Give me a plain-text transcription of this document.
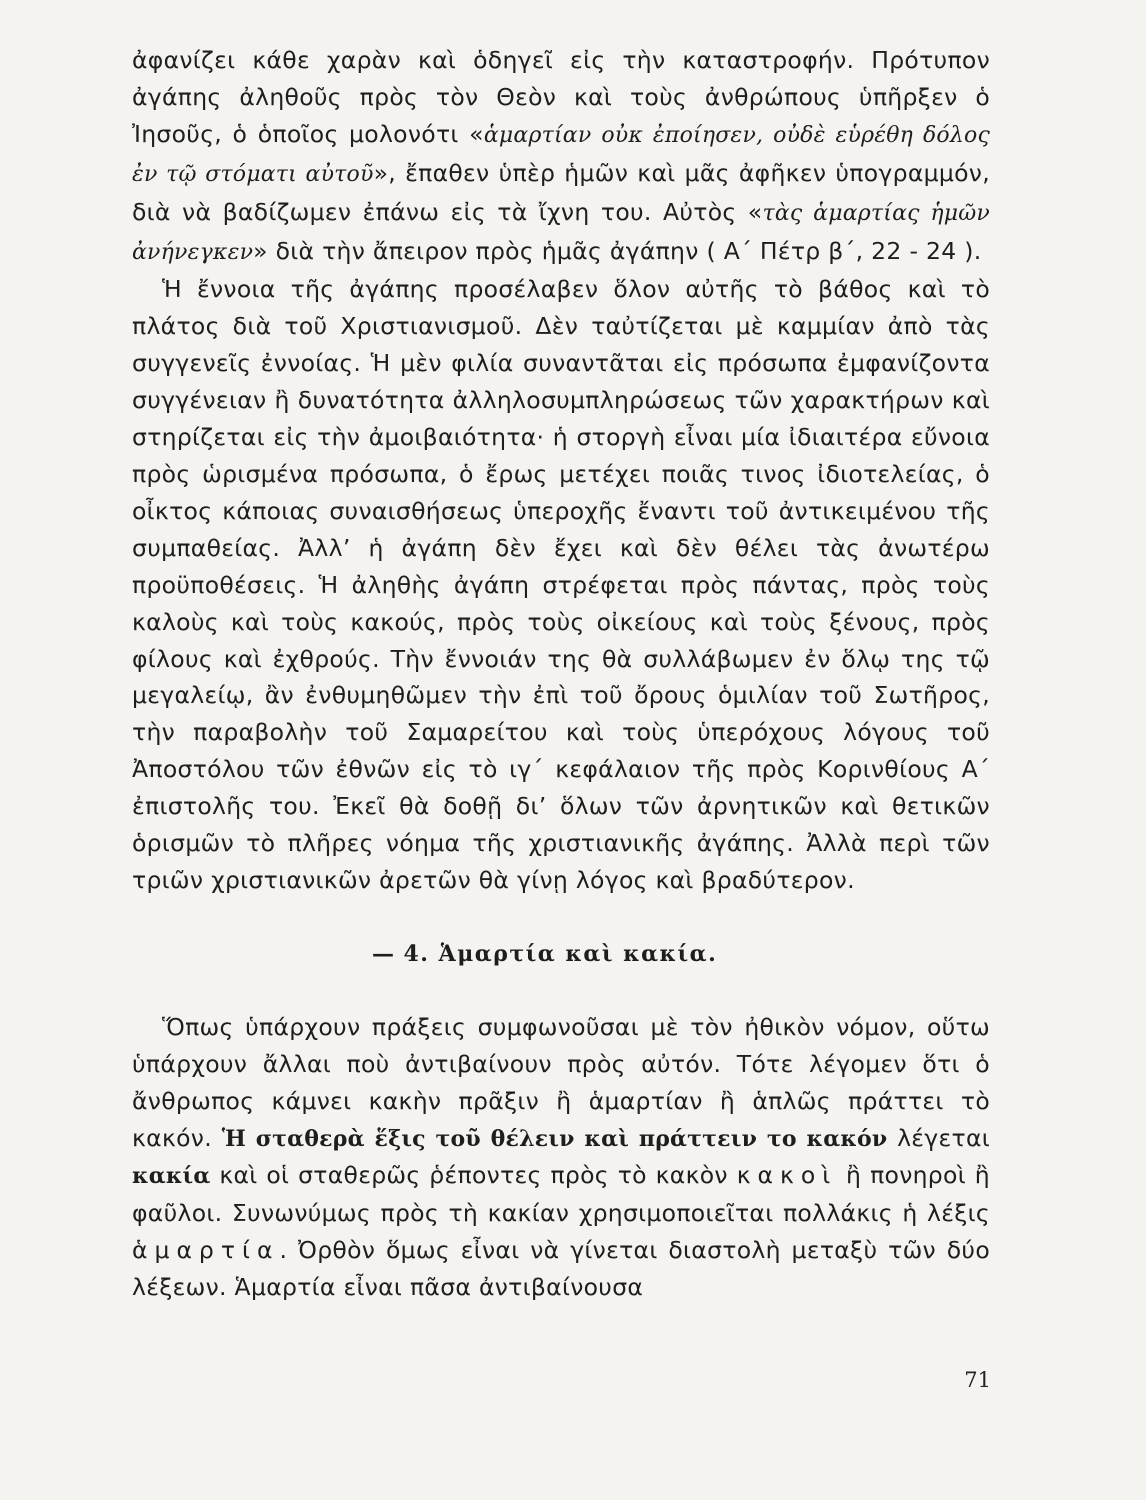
ἀφανίζει κάθε χαρὰν καὶ ὁδηγεῖ εἰς τὴν καταστροφήν. Πρότυπον ἀγάπης ἀληθοῦς πρὸς τὸν Θεὸν καὶ τοὺς ἀνθρώπους ὑπῆρξεν ὁ Ἰησοῦς, ὁ ὁποῖος μολονότι «ἁμαρτίαν οὐκ ἐποίησεν, οὐδὲ εὑρέθη δόλος ἐν τῷ στόματι αὐτοῦ», ἔπαθεν ὑπὲρ ἡμῶν καὶ μᾶς ἀφῆκεν ὑπογραμμόν, διὰ νὰ βαδίζωμεν ἐπάνω εἰς τὰ ἴχνη του. Αὐτὸς «τὰς ἁμαρτίας ἡμῶν ἀνήνεγκεν» διὰ τὴν ἄπειρον πρὸς ἡμᾶς ἀγάπην ( Α΄ Πέτρ β΄, 22 - 24 ).

Ἡ ἔννοια τῆς ἀγάπης προσέλαβεν ὅλον αὐτῆς τὸ βάθος καὶ τὸ πλάτος διὰ τοῦ Χριστιανισμοῦ. Δὲν ταὐτίζεται μὲ καμμίαν ἀπὸ τὰς συγγενεῖς ἐννοίας. Ἡ μὲν φιλία συναντᾶται εἰς πρόσωπα ἐμφανίζοντα συγγένειαν ἢ δυνατότητα ἀλληλοσυμπληρώσεως τῶν χαρακτήρων καὶ στηρίζεται εἰς τὴν ἀμοιβαιότητα· ἡ στοργὴ εἶναι μία ἰδιαιτέρα εὔνοια πρὸς ὡρισμένα πρόσωπα, ὁ ἔρως μετέχει ποιᾶς τινος ἰδιοτελείας, ὁ οἶκτος κάποιας συναισθήσεως ὑπεροχῆς ἔναντι τοῦ ἀντικειμένου τῆς συμπαθείας. Ἀλλ’ ἡ ἀγάπη δὲν ἔχει καὶ δὲν θέλει τὰς ἀνωτέρω προϋποθέσεις. Ἡ ἀληθὴς ἀγάπη στρέφεται πρὸς πάντας, πρὸς τοὺς καλοὺς καὶ τοὺς κακούς, πρὸς τοὺς οἰκείους καὶ τοὺς ξένους, πρὸς φίλους καὶ ἐχθρούς. Τὴν ἔννοιάν της θὰ συλλάβωμεν ἐν ὅλῳ της τῷ μεγαλείῳ, ἂν ἐνθυμηθῶμεν τὴν ἐπὶ τοῦ ὄρους ὁμιλίαν τοῦ Σωτῆρος, τὴν παραβολὴν τοῦ Σαμαρείτου καὶ τοὺς ὑπερόχους λόγους τοῦ Ἀποστόλου τῶν ἐθνῶν εἰς τὸ ιγ΄ κεφάλαιον τῆς πρὸς Κορινθίους Α΄ ἐπιστολῆς του. Ἐκεῖ θὰ δοθῇ δι’ ὅλων τῶν ἀρνητικῶν καὶ θετικῶν ὁρισμῶν τὸ πλῆρες νόημα τῆς χριστιανικῆς ἀγάπης. Ἀλλὰ περὶ τῶν τριῶν χριστιανικῶν ἀρετῶν θὰ γίνῃ λόγος καὶ βραδύτερον.

— 4. Ἁμαρτία καὶ κακία.

Ὅπως ὑπάρχουν πράξεις συμφωνοῦσαι μὲ τὸν ἠθικὸν νόμον, οὕτω ὑπάρχουν ἄλλαι ποὺ ἀντιβαίνουν πρὸς αὐτόν. Τότε λέγομεν ὅτι ὁ ἄνθρωπος κάμνει κακὴν πρᾶξιν ἢ ἁμαρτίαν ἢ ἁπλῶς πράττει τὸ κακόν. Ἡ σταθερὰ ἕξις τοῦ θέλειν καὶ πράττειν το κακόν λέγεται κακία καὶ οἱ σταθερῶς ῥέποντες πρὸς τὸ κακὸν κακοὶ ἢ πονηροὶ ἢ φαῦλοι. Συνωνύμως πρὸς τὴ κακίαν χρησιμοποιεῖται πολλάκις ἡ λέξις ἁμαρτία. Ὀρθὸν ὅμως εἶναι νὰ γίνεται διαστολὴ μεταξὺ τῶν δύο λέξεων. Ἁμαρτία εἶναι πᾶσα ἀντιβαίνουσα

71
